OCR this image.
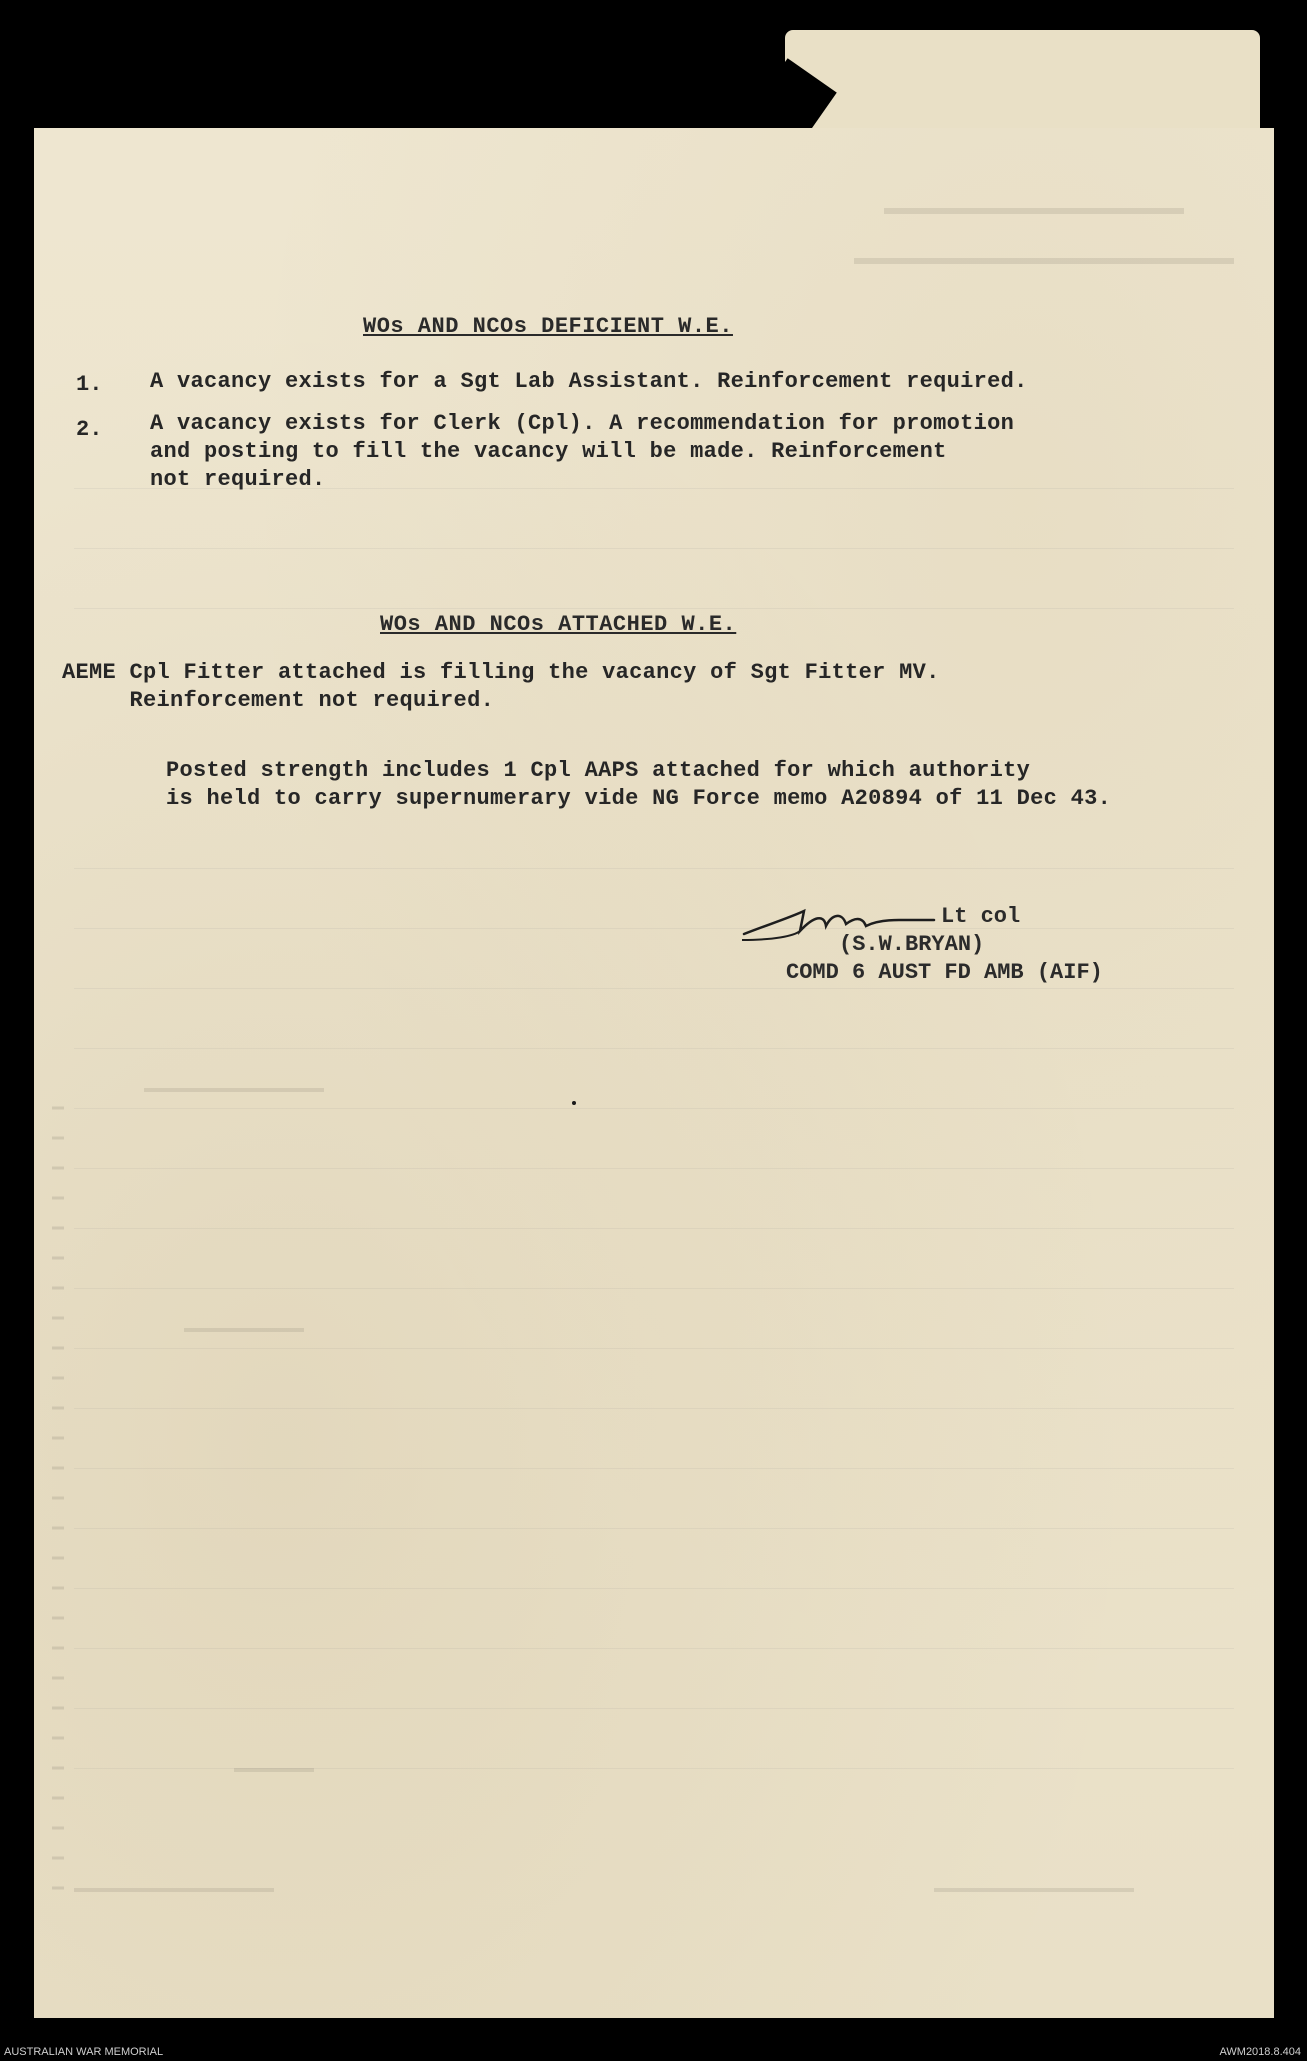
WOs AND NCOs DEFICIENT W.E.
1. A vacancy exists for a Sgt Lab Assistant. Reinforcement required.
2. A vacancy exists for Clerk (Cpl). A recommendation for promotion
and posting to fill the vacancy will be made. Reinforcement
not required.
WOs AND NCOs ATTACHED W.E.
AEME Cpl Fitter attached is filling the vacancy of Sgt Fitter MV.
Reinforcement not required.
Posted strength includes 1 Cpl AAPS attached for which authority
is held to carry supernumerary vide NG Force memo A20894 of 11 Dec 43.
Lt col
(S.W.BRYAN)
COMD 6 AUST FD AMB (AIF)
AUSTRALIAN WAR MEMORIAL	AWM2018.8.404
